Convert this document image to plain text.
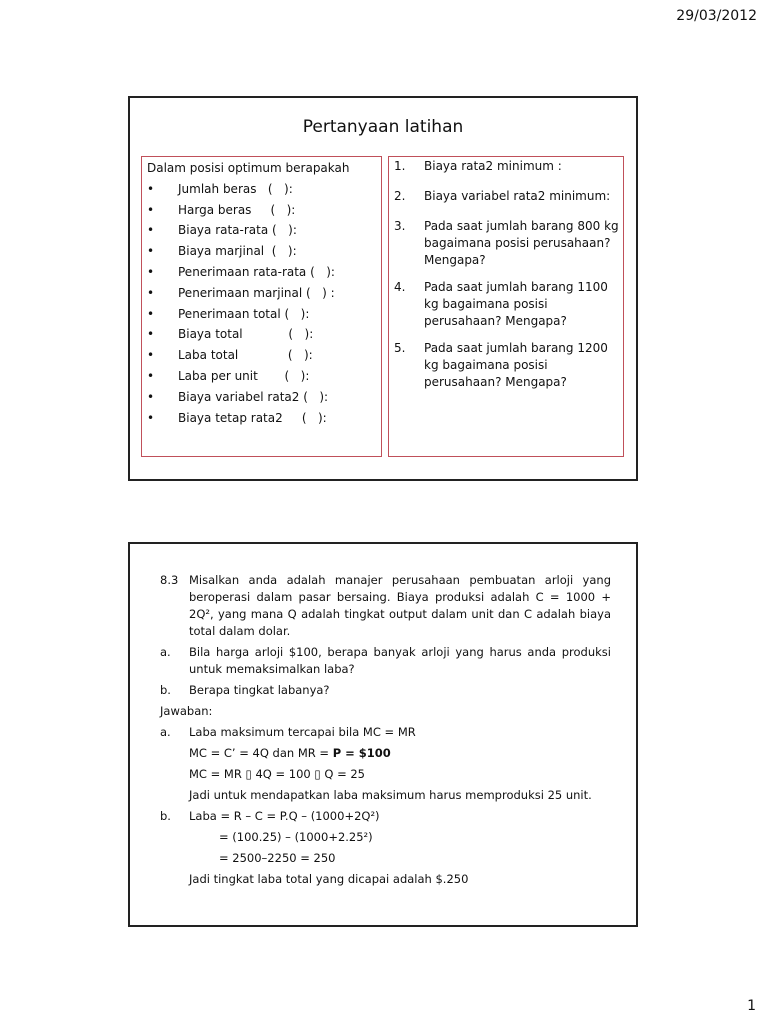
29/03/2012
Pertanyaan latihan
Dalam posisi optimum berapakah
• Jumlah beras   (   ):
• Harga beras     (   ):
• Biaya rata-rata (   ):
• Biaya marjinal  (   ):
• Penerimaan rata-rata (   ):
• Penerimaan marjinal (   ) :
• Penerimaan total (   ):
• Biaya total            (   ):
• Laba total             (   ):
• Laba per unit       (   ):
• Biaya variabel rata2 (   ):
• Biaya tetap rata2     (   ):
1.	Biaya rata2 minimum :
2.	Biaya variabel rata2 minimum:
3.	Pada saat jumlah barang 800 kg bagaimana posisi perusahaan? Mengapa?
4.	Pada saat jumlah barang 1100 kg bagaimana posisi perusahaan? Mengapa?
5.	Pada saat jumlah barang 1200 kg bagaimana posisi perusahaan? Mengapa?
8.3 Misalkan anda adalah manajer perusahaan pembuatan arloji yang beroperasi dalam pasar bersaing. Biaya produksi adalah C = 1000 + 2Q², yang mana Q adalah tingkat output dalam unit dan C adalah biaya total dalam dolar.
a.	Bila harga arloji $100, berapa banyak arloji yang harus anda produksi untuk memaksimalkan laba?
b.	Berapa tingkat labanya?

Jawaban:

a.	Laba maksimum tercapai bila MC = MR

MC = C’ = 4Q dan MR = P = $100

MC = MR ▯ 4Q = 100 ▯ Q = 25

Jadi untuk mendapatkan laba maksimum harus memproduksi 25 unit.

b.	Laba = R – C = P.Q – (1000+2Q²)

= (100.25) – (1000+2.25²)

= 2500–2250 = 250

Jadi tingkat laba total yang dicapai adalah $.250

1
